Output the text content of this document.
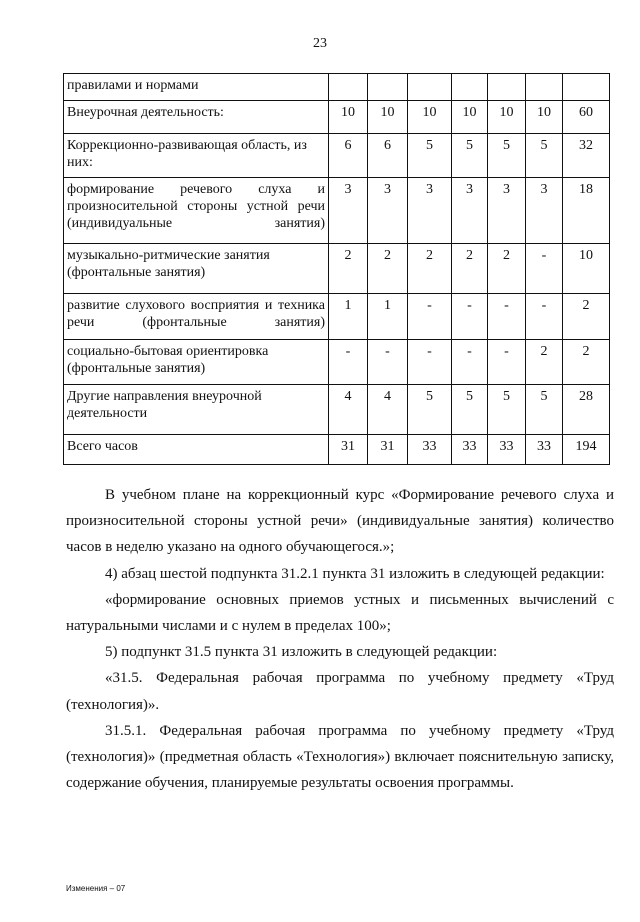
23
правилами и нормами							
Внеурочная деятельность:	10	10	10	10	10	10	60
Коррекционно-развивающая область, из них:	6	6	5	5	5	5	32
формирование речевого слуха и произносительной стороны устной речи (индивидуальные занятия)	3	3	3	3	3	3	18
музыкально-ритмические занятия (фронтальные занятия)	2	2	2	2	2	-	10
развитие слухового восприятия и техника речи (фронтальные занятия)	1	1	-	-	-	-	2
социально-бытовая ориентировка (фронтальные занятия)	-	-	-	-	-	2	2
Другие направления внеурочной деятельности	4	4	5	5	5	5	28
Всего часов	31	31	33	33	33	33	194

В учебном плане на коррекционный курс «Формирование речевого слуха и произносительной стороны устной речи» (индивидуальные занятия) количество часов в неделю указано на одного обучающегося.»;

4) абзац шестой подпункта 31.2.1 пункта 31 изложить в следующей редакции:

«формирование основных приемов устных и письменных вычислений с натуральными числами и с нулем в пределах 100»;

5) подпункт 31.5 пункта 31 изложить в следующей редакции:

«31.5. Федеральная рабочая программа по учебному предмету «Труд (технология)».

31.5.1. Федеральная рабочая программа по учебному предмету «Труд (технология)» (предметная область «Технология») включает пояснительную записку, содержание обучения, планируемые результаты освоения программы.

Изменения – 07
